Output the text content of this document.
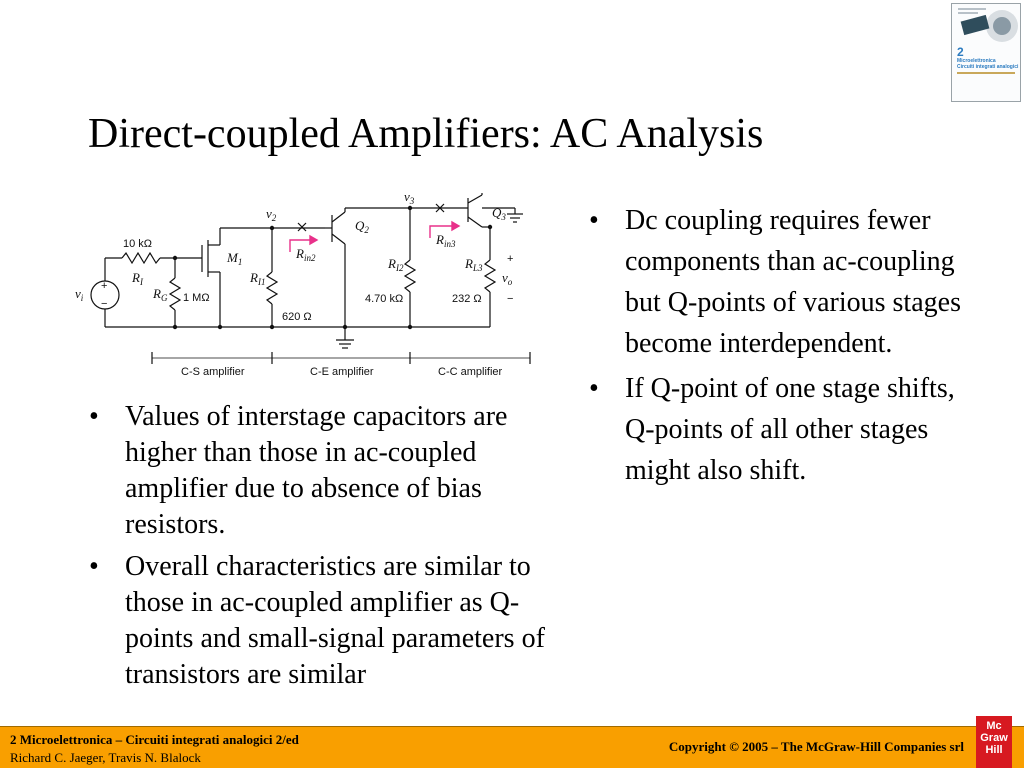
Direct-coupled Amplifiers: AC Analysis
2
Microelettronica
Circuiti integrati analogici
10 kΩ
$R_I$
$R_G$ 1 MΩ
$v_i$
+
−
$M_1$
$v_2$
$R_{I1}$
620 Ω
$R_{in2}$
$Q_2$
$v_3$
$R_{I2}$
4.70 kΩ
$R_{in3}$
$Q_3$
$R_{L3}$
232 Ω
+
$v_o$
−
C-S amplifier	C-E amplifier	C-C amplifier
• Values of interstage capacitors are higher than those in ac-coupled amplifier due to absence of bias resistors.
• Overall characteristics are similar to those in ac-coupled amplifier as Q-points and small-signal parameters of transistors are similar
• Dc coupling requires fewer components than ac-coupling but Q-points of various stages become interdependent.
• If Q-point of one stage shifts, Q-points of all other stages might also shift.
2 Microelettronica – Circuiti integrati analogici 2/ed
Richard C. Jaeger, Travis N. Blalock
Copyright © 2005 – The McGraw-Hill Companies srl
Mc
Graw
Hill
